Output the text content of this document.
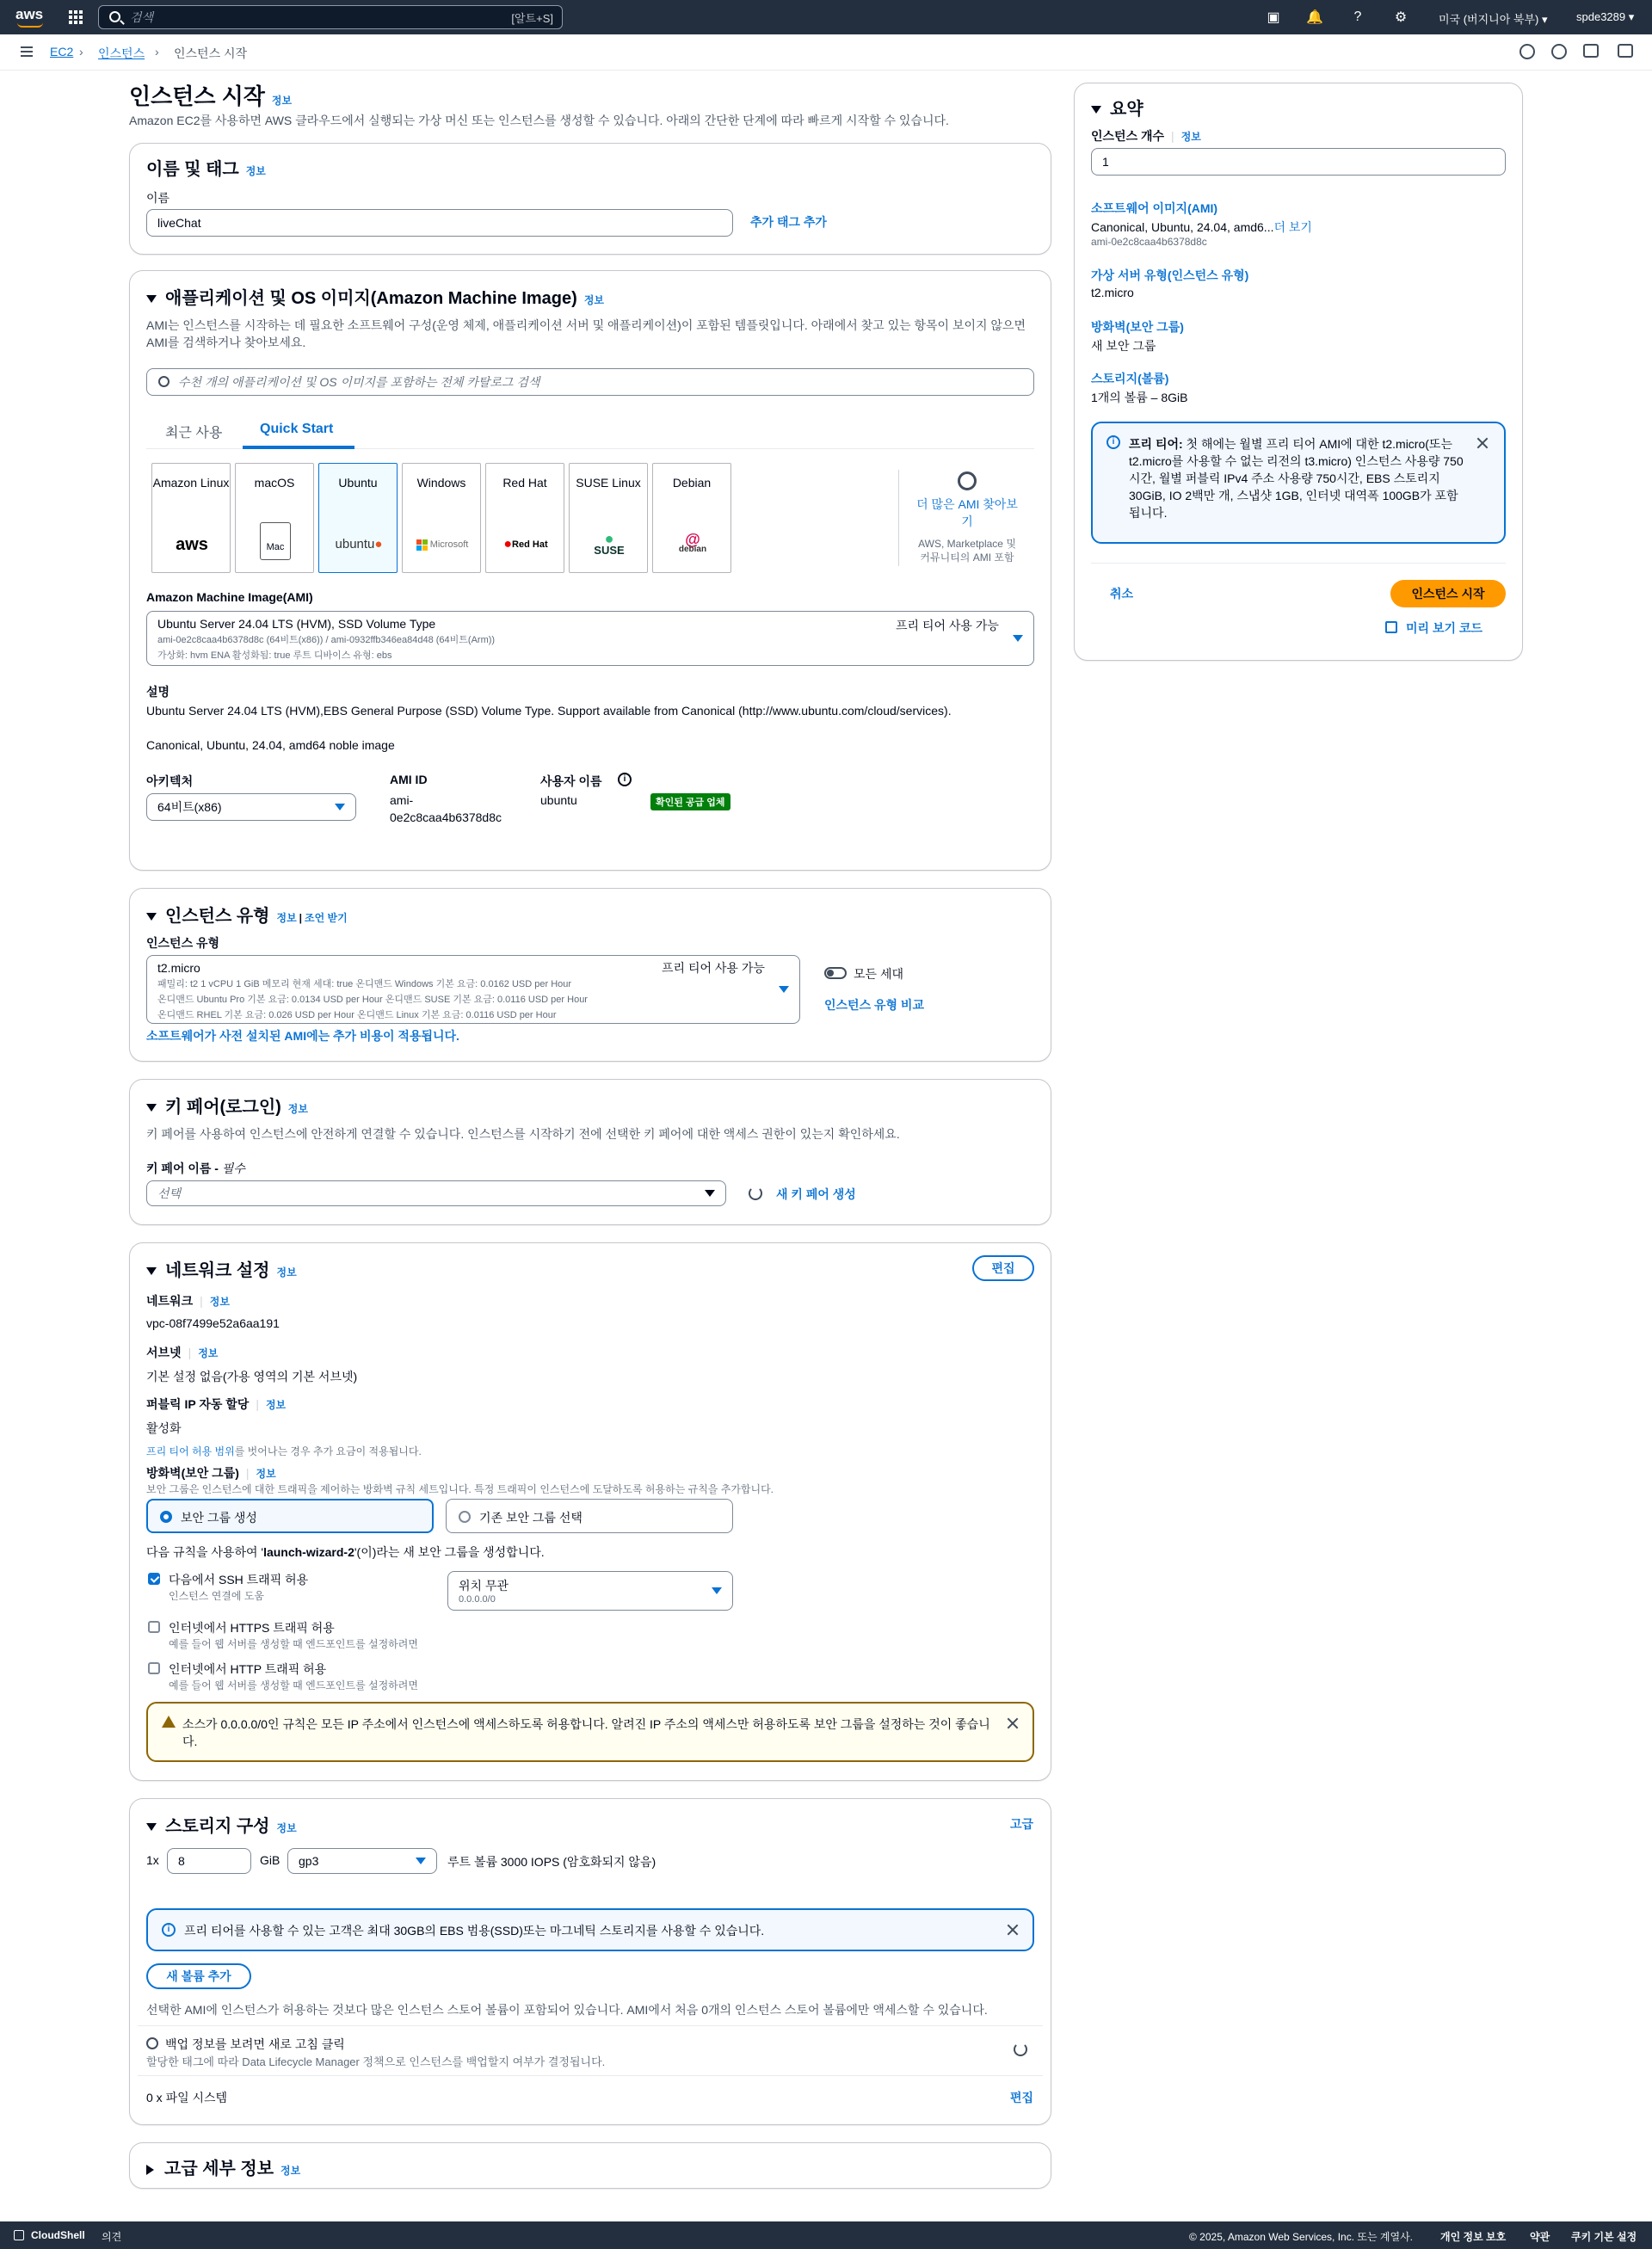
aws	검색	[알트+S]	▣ 🔔	?	⚙	미국 (버지니아 북부) ▾	spde3289 ▾
EC2 › 인스턴스 › 인스턴스 시작
인스턴스 시작 정보
Amazon EC2를 사용하면 AWS 클라우드에서 실행되는 가상 머신 또는 인스턴스를 생성할 수 있습니다. 아래의 간단한 단계에 따라 빠르게 시작할 수 있습니다.
이름 및 태그 정보
이름
liveChat	추가 태그 추가
애플리케이션 및 OS 이미지(Amazon Machine Image) 정보
AMI는 인스턴스를 시작하는 데 필요한 소프트웨어 구성(운영 체제, 애플리케이션 서버 및 애플리케이션)이 포함된 템플릿입니다. 아래에서 찾고 있는 항목이 보이지 않으면 AMI를 검색하거나 찾아보세요.
수천 개의 애플리케이션 및 OS 이미지를 포함하는 전체 카탈로그 검색
최근 사용	Quick Start
Amazon Linux
aws
macOS
Mac
Ubuntu
ubuntu ●
Windows
Microsoft
Red Hat
● Red Hat
SUSE Linux
●
SUSE
Debian
@
debian
더 많은 AMI 찾아보기
AWS, Marketplace 및 커뮤니티의 AMI 포함
Amazon Machine Image(AMI)
Ubuntu Server 24.04 LTS (HVM), SSD Volume Type
ami-0e2c8caa4b6378d8c (64비트(x86)) / ami-0932ffb346ea84d48 (64비트(Arm))
가상화: hvm ENA 활성화됨: true 루트 디바이스 유형: ebs
프리 티어 사용 가능
설명
Ubuntu Server 24.04 LTS (HVM),EBS General Purpose (SSD) Volume Type. Support available from Canonical (http://www.ubuntu.com/cloud/services).
Canonical, Ubuntu, 24.04, amd64 noble image
아키텍처
64비트(x86)
AMI ID
ami-
0e2c8caa4b6378d8c
사용자 이름	i
ubuntu	확인된 공급 업체
인스턴스 유형 정보 | 조언 받기
인스턴스 유형
t2.micro
패밀리: t2 1 vCPU 1 GiB 메모리 현재 세대: true 온디맨드 Windows 기본 요금: 0.0162 USD per Hour
온디맨드 Ubuntu Pro 기본 요금: 0.0134 USD per Hour 온디맨드 SUSE 기본 요금: 0.0116 USD per Hour
온디맨드 RHEL 기본 요금: 0.026 USD per Hour 온디맨드 Linux 기본 요금: 0.0116 USD per Hour
프리 티어 사용 가능	모든 세대
인스턴스 유형 비교
소프트웨어가 사전 설치된 AMI에는 추가 비용이 적용됩니다.
키 페어(로그인) 정보
키 페어를 사용하여 인스턴스에 안전하게 연결할 수 있습니다. 인스턴스를 시작하기 전에 선택한 키 페어에 대한 액세스 권한이 있는지 확인하세요.
키 페어 이름 - 필수
선택	새 키 페어 생성
네트워크 설정 정보	편집
네트워크 | 정보
vpc-08f7499e52a6aa191
서브넷 | 정보
기본 설정 없음(가용 영역의 기본 서브넷)
퍼블릭 IP 자동 할당 | 정보
활성화
프리 티어 허용 범위를 벗어나는 경우 추가 요금이 적용됩니다.
방화벽(보안 그룹) | 정보
보안 그룹은 인스턴스에 대한 트래픽을 제어하는 방화벽 규칙 세트입니다. 특정 트래픽이 인스턴스에 도달하도록 허용하는 규칙을 추가합니다.
보안 그룹 생성	기존 보안 그룹 선택
다음 규칙을 사용하여 'launch-wizard-2'(이)라는 새 보안 그룹을 생성합니다.
다음에서 SSH 트래픽 허용
인스턴스 연결에 도움
위치 무관
0.0.0.0/0
인터넷에서 HTTPS 트래픽 허용
예를 들어 웹 서버를 생성할 때 엔드포인트를 설정하려면
인터넷에서 HTTP 트래픽 허용
예를 들어 웹 서버를 생성할 때 엔드포인트를 설정하려면
소스가 0.0.0.0/0인 규칙은 모든 IP 주소에서 인스턴스에 액세스하도록 허용합니다. 알려진 IP 주소의 액세스만 허용하도록 보안 그룹을 설정하는 것이 좋습니다.
스토리지 구성 정보	고급
1x	8	GiB gp3	루트 볼륨 3000 IOPS (암호화되지 않음)
i	프리 티어를 사용할 수 있는 고객은 최대 30GB의 EBS 범용(SSD)또는 마그네틱 스토리지를 사용할 수 있습니다.
새 볼륨 추가
선택한 AMI에 인스턴스가 허용하는 것보다 많은 인스턴스 스토어 볼륨이 포함되어 있습니다. AMI에서 처음 0개의 인스턴스 스토어 볼륨에만 액세스할 수 있습니다.
백업 정보를 보려면 새로 고침 클릭
할당한 태그에 따라 Data Lifecycle Manager 정책으로 인스턴스를 백업할지 여부가 결정됩니다.
0 x 파일 시스템	편집
고급 세부 정보 정보
요약
인스턴스 개수 | 정보
1
소프트웨어 이미지(AMI)
Canonical, Ubuntu, 24.04, amd6...더 보기
ami-0e2c8caa4b6378d8c
가상 서버 유형(인스턴스 유형)
t2.micro
방화벽(보안 그룹)
새 보안 그룹
스토리지(볼륨)
1개의 볼륨 – 8GiB
i	프리 티어: 첫 해에는 월별 프리 티어 AMI에 대한 t2.micro(또는 t2.micro를 사용할 수 없는 리전의 t3.micro) 인스턴스 사용량 750시간, 월별 퍼블릭 IPv4 주소 사용량 750시간, EBS 스토리지 30GiB, IO 2백만 개, 스냅샷 1GB, 인터넷 대역폭 100GB가 포함됩니다.
취소	인스턴스 시작
미리 보기 코드
CloudShell 의견	© 2025, Amazon Web Services, Inc. 또는 계열사.	개인 정보 보호 약관 쿠키 기본 설정
